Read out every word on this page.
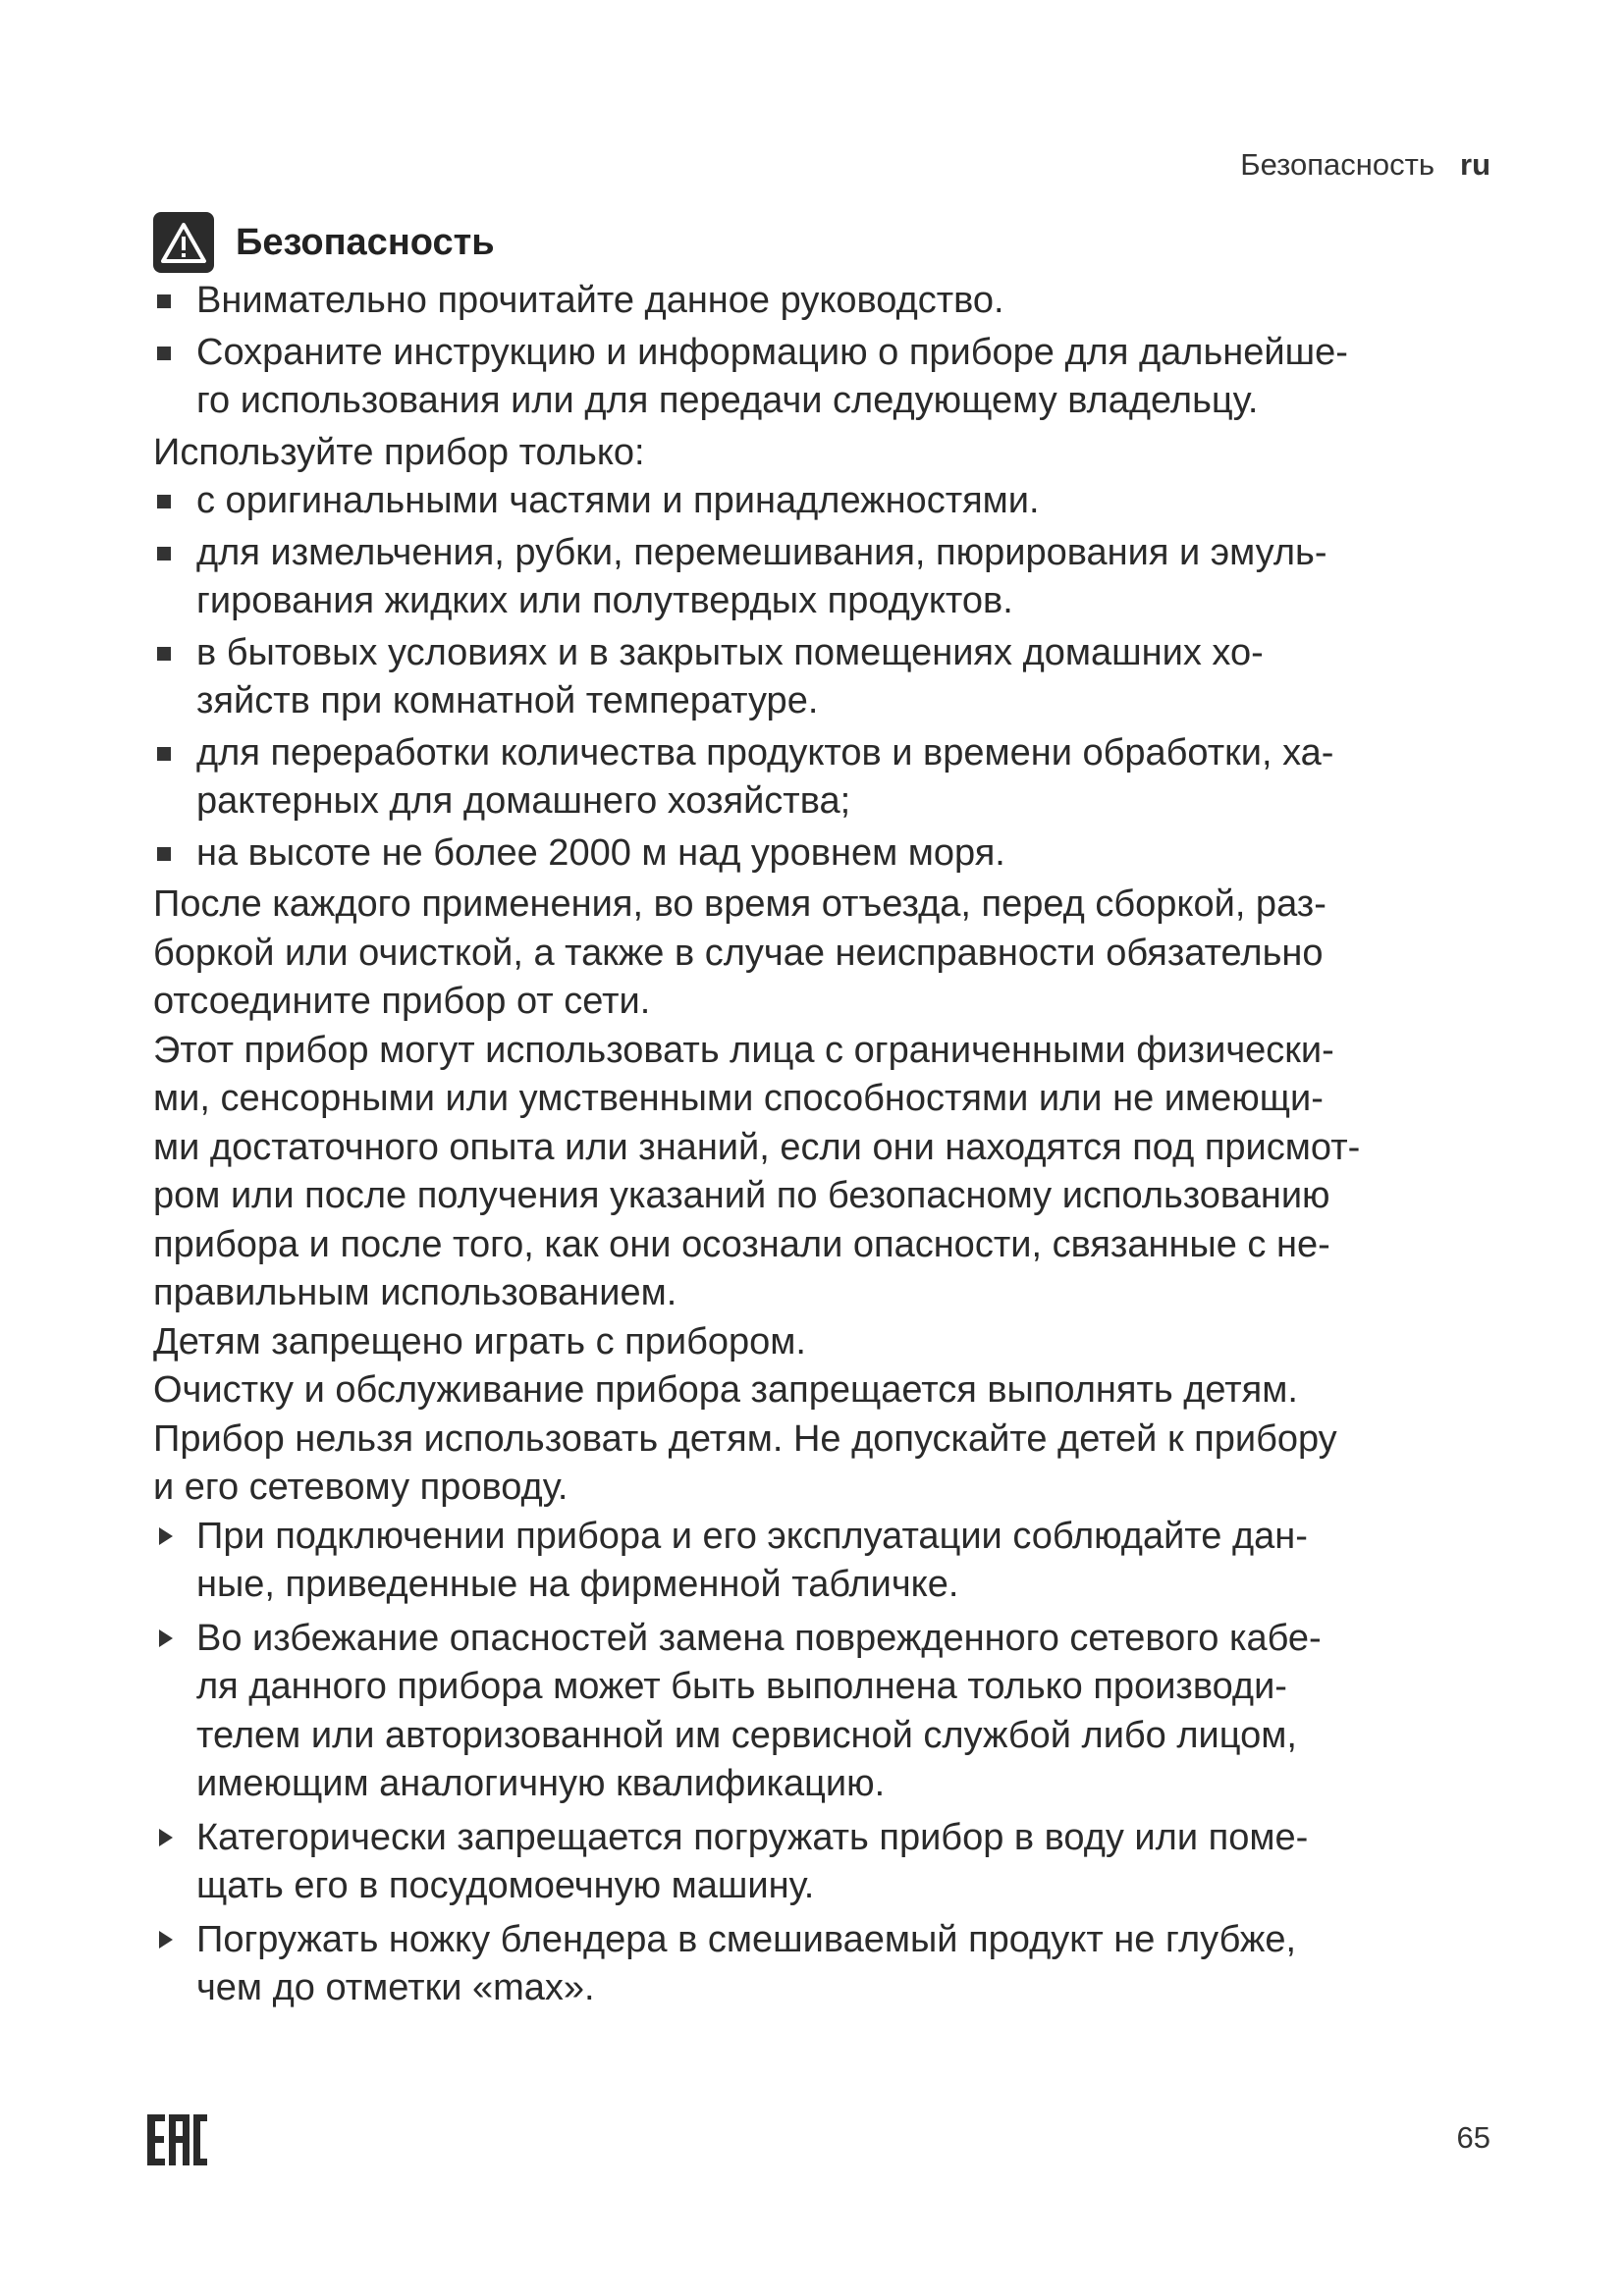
Безопасность ru
Безопасность
Внимательно прочитайте данное руководство.
Сохраните инструкцию и информацию о приборе для дальнейше-
го использования или для передачи следующему владельцу.

Используйте прибор только:

с оригинальными частями и принадлежностями.
для измельчения, рубки, перемешивания, пюрирования и эмуль-
гирования жидких или полутвердых продуктов.
в бытовых условиях и в закрытых помещениях домашних хо-
зяйств при комнатной температуре.
для переработки количества продуктов и времени обработки, ха-
рактерных для домашнего хозяйства;
на высоте не более 2000 м над уровнем моря.

После каждого применения, во время отъезда, перед сборкой, раз-
боркой или очисткой, а также в случае неисправности обязательно
отсоедините прибор от сети.

Этот прибор могут использовать лица с ограниченными физически-
ми, сенсорными или умственными способностями или не имеющи-
ми достаточного опыта или знаний, если они находятся под присмот-
ром или после получения указаний по безопасному использованию
прибора и после того, как они осознали опасности, связанные с не-
правильным использованием.

Детям запрещено играть с прибором.

Очистку и обслуживание прибора запрещается выполнять детям.
Прибор нельзя использовать детям. Не допускайте детей к прибору
и его сетевому проводу.

При подключении прибора и его эксплуатации соблюдайте дан-
ные, приведенные на фирменной табличке.
Во избежание опасностей замена поврежденного сетевого кабе-
ля данного прибора может быть выполнена только производи-
телем или авторизованной им сервисной службой либо лицом,
имеющим аналогичную квалификацию.
Категорически запрещается погружать прибор в воду или поме-
щать его в посудомоечную машину.
Погружать ножку блендера в смешиваемый продукт не глубже,
чем до отметки «max».
65
